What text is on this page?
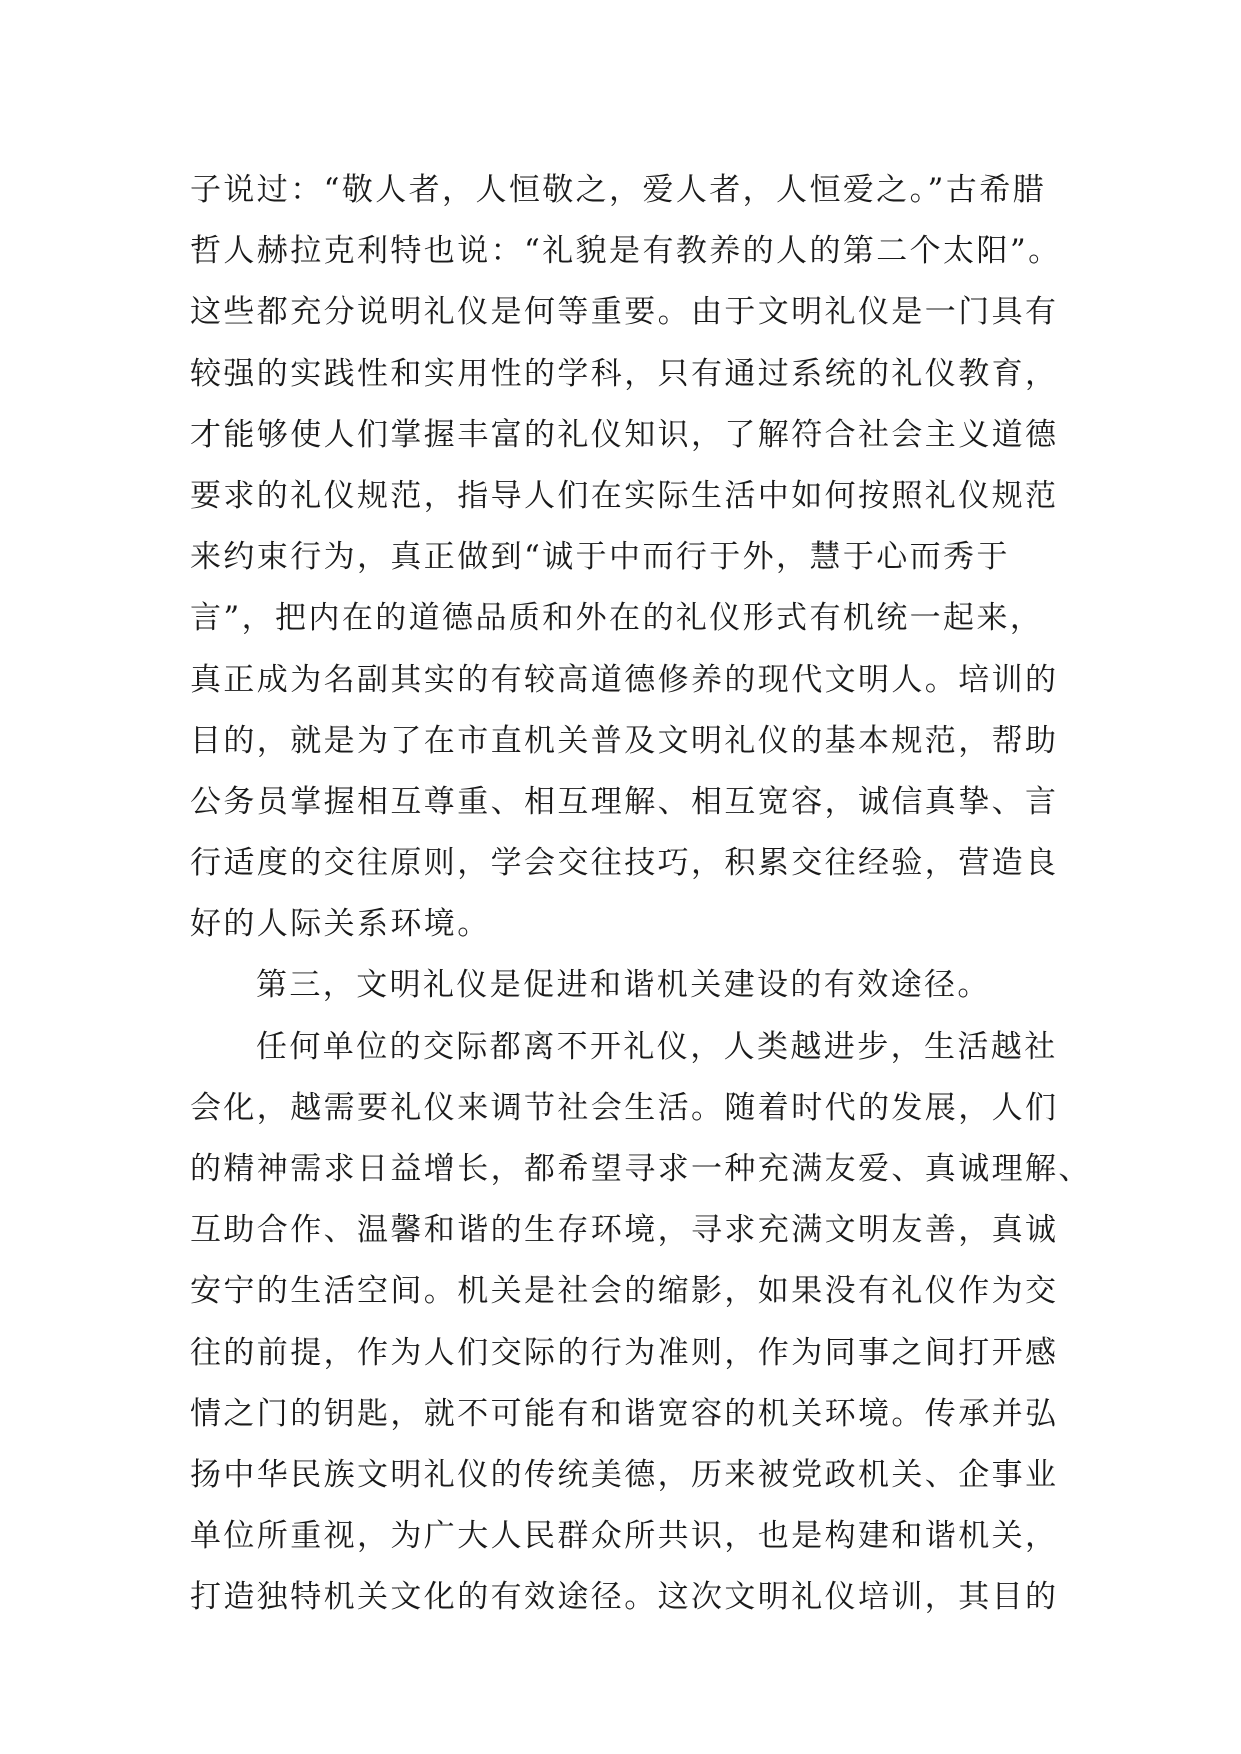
子说过：“敬人者，人恒敬之，爱人者，人恒爱之。”古希腊
哲人赫拉克利特也说：“礼貌是有教养的人的第二个太阳”。
这些都充分说明礼仪是何等重要。由于文明礼仪是一门具有
较强的实践性和实用性的学科，只有通过系统的礼仪教育，
才能够使人们掌握丰富的礼仪知识，了解符合社会主义道德
要求的礼仪规范，指导人们在实际生活中如何按照礼仪规范
来约束行为，真正做到“诚于中而行于外，慧于心而秀于
言”，把内在的道德品质和外在的礼仪形式有机统一起来，
真正成为名副其实的有较高道德修养的现代文明人。培训的
目的，就是为了在市直机关普及文明礼仪的基本规范，帮助
公务员掌握相互尊重、相互理解、相互宽容，诚信真挚、言
行适度的交往原则，学会交往技巧，积累交往经验，营造良
好的人际关系环境。
第三，文明礼仪是促进和谐机关建设的有效途径。
任何单位的交际都离不开礼仪，人类越进步，生活越社
会化，越需要礼仪来调节社会生活。随着时代的发展，人们
的精神需求日益增长，都希望寻求一种充满友爱、真诚理解、
互助合作、温馨和谐的生存环境，寻求充满文明友善，真诚
安宁的生活空间。机关是社会的缩影，如果没有礼仪作为交
往的前提，作为人们交际的行为准则，作为同事之间打开感
情之门的钥匙，就不可能有和谐宽容的机关环境。传承并弘
扬中华民族文明礼仪的传统美德，历来被党政机关、企事业
单位所重视，为广大人民群众所共识，也是构建和谐机关，
打造独特机关文化的有效途径。这次文明礼仪培训，其目的
